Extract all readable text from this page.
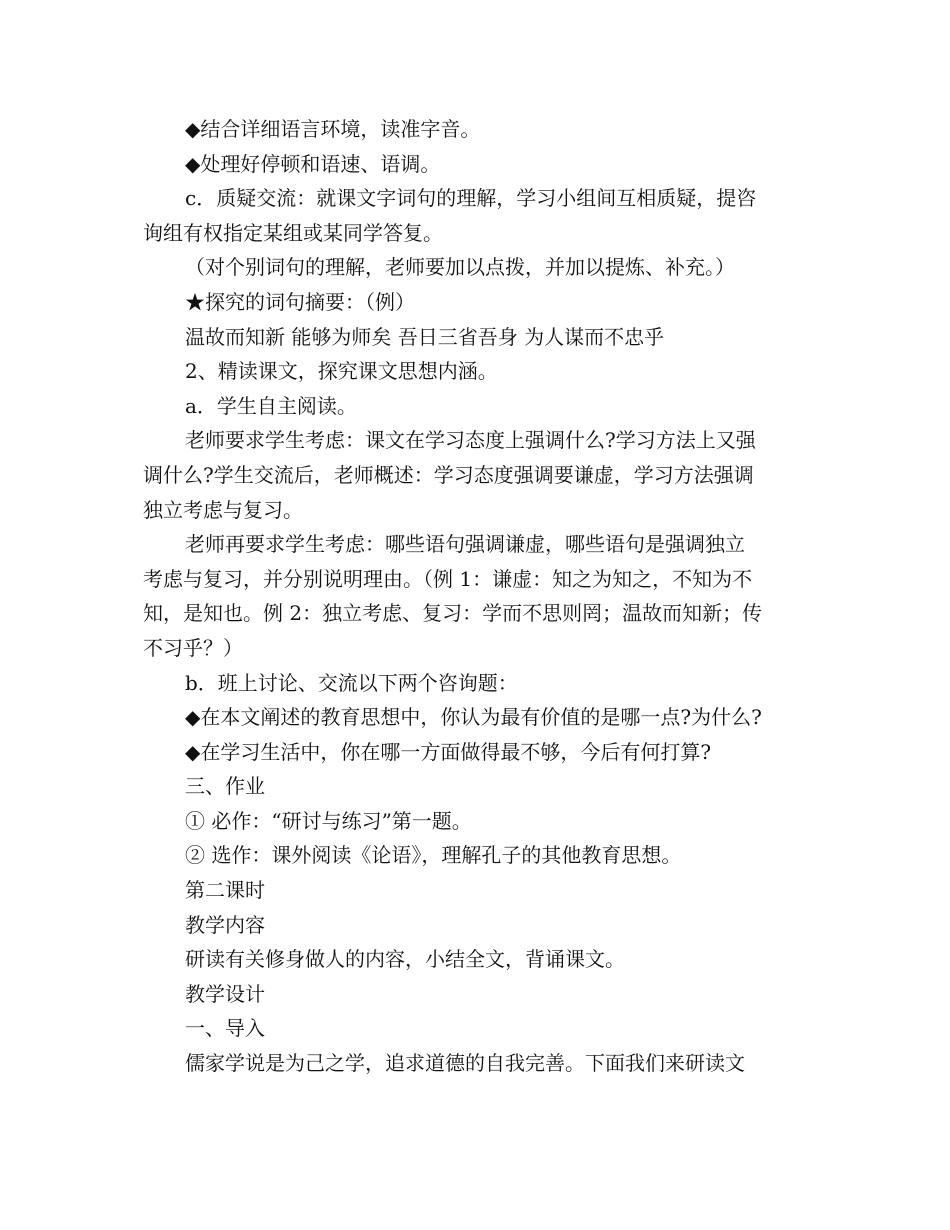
◆结合详细语言环境，读准字音。

◆处理好停顿和语速、语调。

c．质疑交流：就课文字词句的理解，学习小组间互相质疑，提咨

询组有权指定某组或某同学答复。

（对个别词句的理解，老师要加以点拨，并加以提炼、补充。）

★探究的词句摘要：（例）

温故而知新 能够为师矣 吾日三省吾身 为人谋而不忠乎

2、精读课文，探究课文思想内涵。

a．学生自主阅读。

老师要求学生考虑：课文在学习态度上强调什么?学习方法上又强

调什么?学生交流后，老师概述：学习态度强调要谦虚，学习方法强调

独立考虑与复习。

老师再要求学生考虑：哪些语句强调谦虚，哪些语句是强调独立

考虑与复习，并分别说明理由。（例 1：谦虚：知之为知之，不知为不

知，是知也。例 2：独立考虑、复习：学而不思则罔；温故而知新；传

不习乎？）

b．班上讨论、交流以下两个咨询题：

◆在本文阐述的教育思想中，你认为最有价值的是哪一点?为什么?

◆在学习生活中，你在哪一方面做得最不够，今后有何打算?

三、作业

① 必作：“研讨与练习”第一题。

② 选作：课外阅读《论语》，理解孔子的其他教育思想。

第二课时

教学内容

研读有关修身做人的内容，小结全文，背诵课文。

教学设计

一、导入

儒家学说是为己之学，追求道德的自我完善。下面我们来研读文
